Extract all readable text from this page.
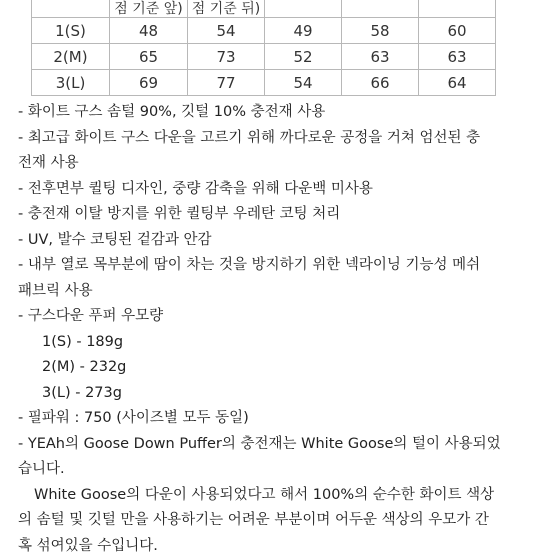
	점 기준 앞)	점 기준 뒤)			
1(S)	48	54	49	58	60
2(M)	65	73	52	63	63
3(L)	69	77	54	66	64
- 화이트 구스 솜털 90%, 깃털 10% 충전재 사용
- 최고급 화이트 구스 다운을 고르기 위해 까다로운 공정을 거쳐 엄선된 충
전재 사용
- 전후면부 퀼팅 디자인, 중량 감축을 위해 다운백 미사용
- 충전재 이탈 방지를 위한 퀼팅부 우레탄 코팅 처리
- UV, 발수 코팅된 겉감과 안감
- 내부 열로 목부분에 땀이 차는 것을 방지하기 위한 넥라이닝 기능성 메쉬
패브릭 사용
- 구스다운 푸퍼 우모량
1(S) - 189g
2(M) - 232g
3(L) - 273g
- 필파워 : 750 (사이즈별 모두 동일)
- YEAh의 Goose Down Puffer의 충전재는 White Goose의 털이 사용되었
습니다.
White Goose의 다운이 사용되었다고 해서 100%의 순수한 화이트 색상
의 솜털 및 깃털 만을 사용하기는 어려운 부분이며 어두운 색상의 우모가 간
혹 섞여있을 수입니다.
